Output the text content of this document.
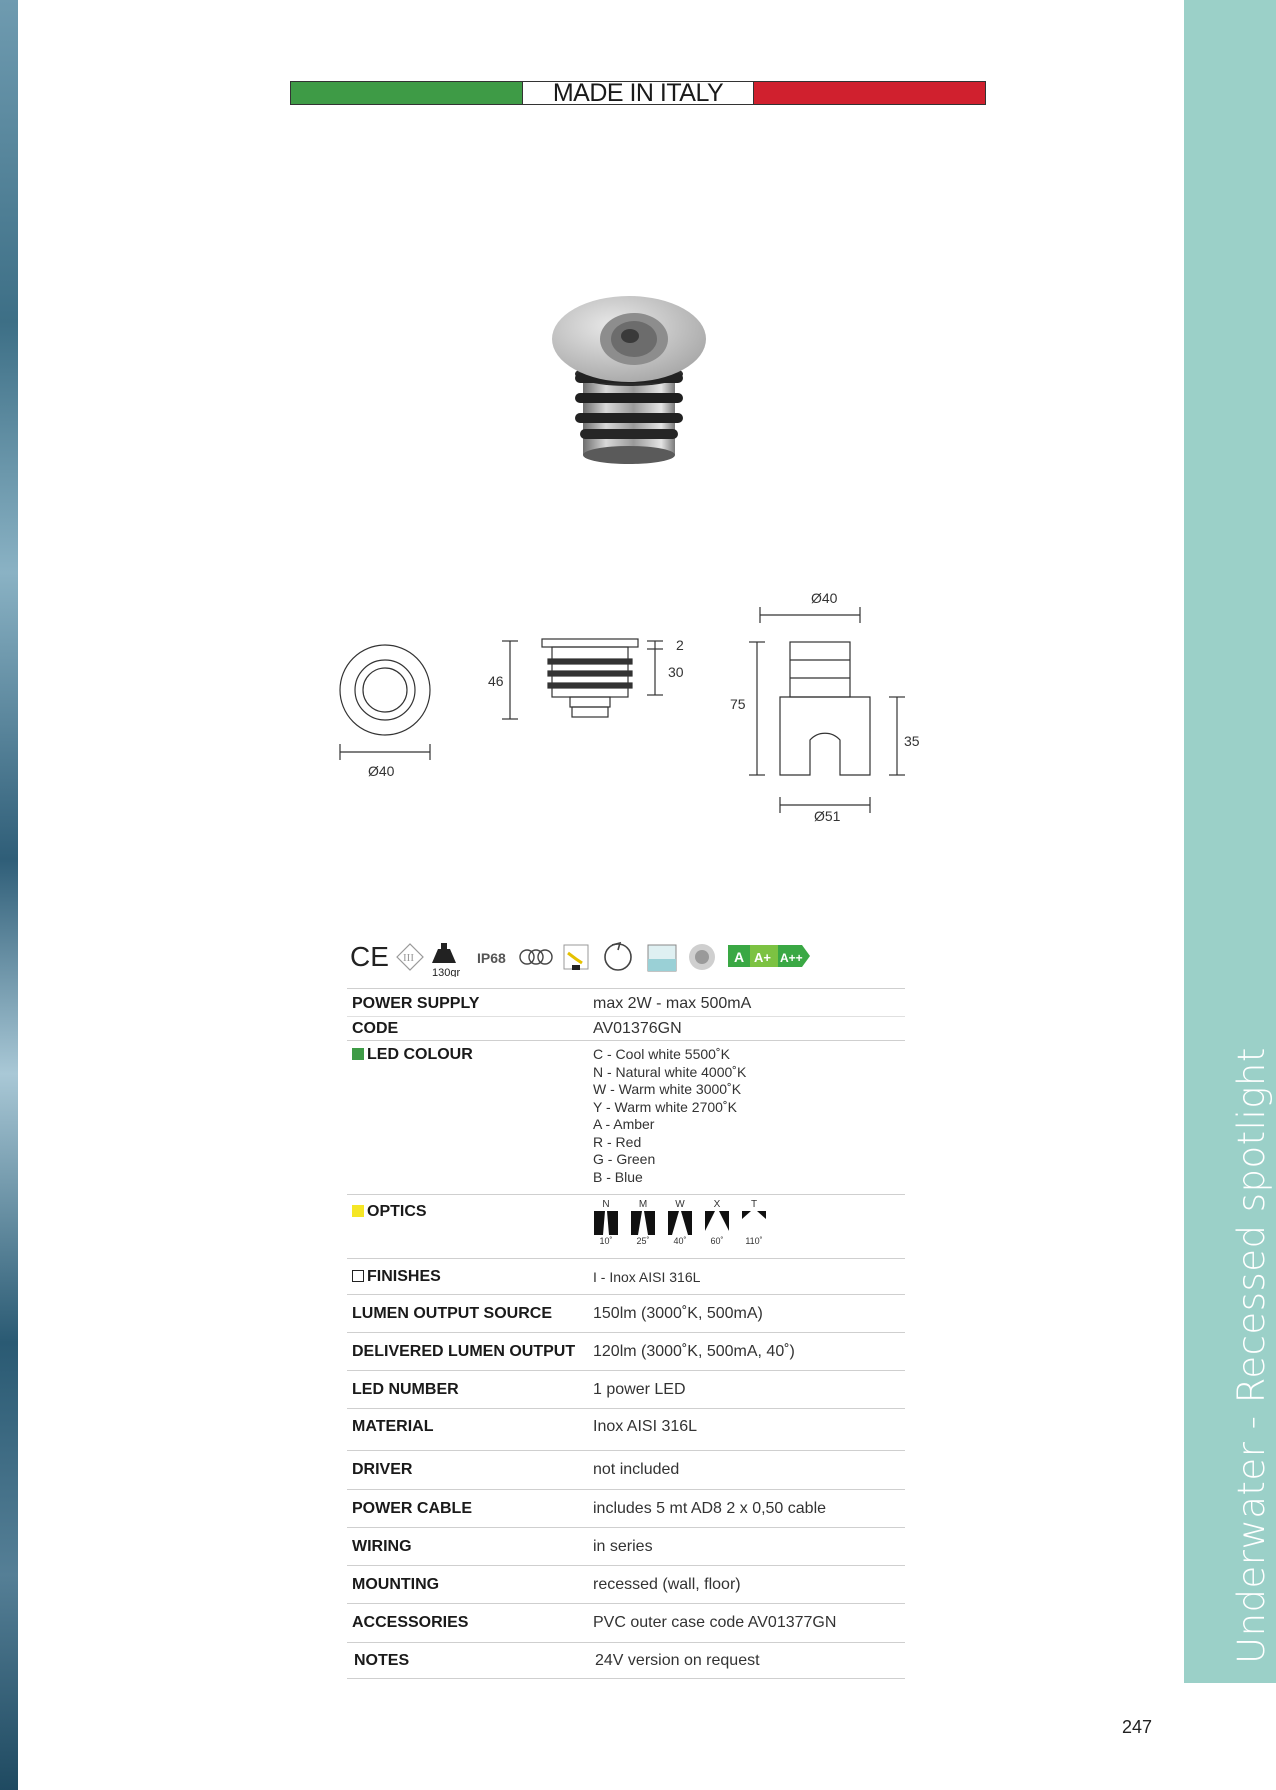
Underwater - Recessed spotlight
MADE IN ITALY
Ø40
46
2
30
Ø40
75
35
Ø51
CE III
130gr
IP68	A A+ A++
POWER SUPPLY	max 2W - max 500mA
CODE	AV01376GN
LED COLOUR	C - Cool white 5500˚K
N - Natural white 4000˚K
W - Warm white 3000˚K
Y - Warm white 2700˚K
A - Amber
R - Red
G - Green
B - Blue
OPTICS	N
10˚
M
25˚
W
40˚
X
60˚
T
110˚
FINISHES	I - Inox AISI 316L
LUMEN OUTPUT SOURCE	150lm (3000˚K, 500mA)
DELIVERED LUMEN OUTPUT	120lm (3000˚K, 500mA, 40˚)
LED NUMBER	1 power LED
MATERIAL	Inox AISI 316L
DRIVER	not included
POWER CABLE	includes 5 mt AD8 2 x 0,50 cable
WIRING	in series
MOUNTING	recessed (wall, floor)
ACCESSORIES	PVC outer case code AV01377GN
NOTES	24V version on request
247
